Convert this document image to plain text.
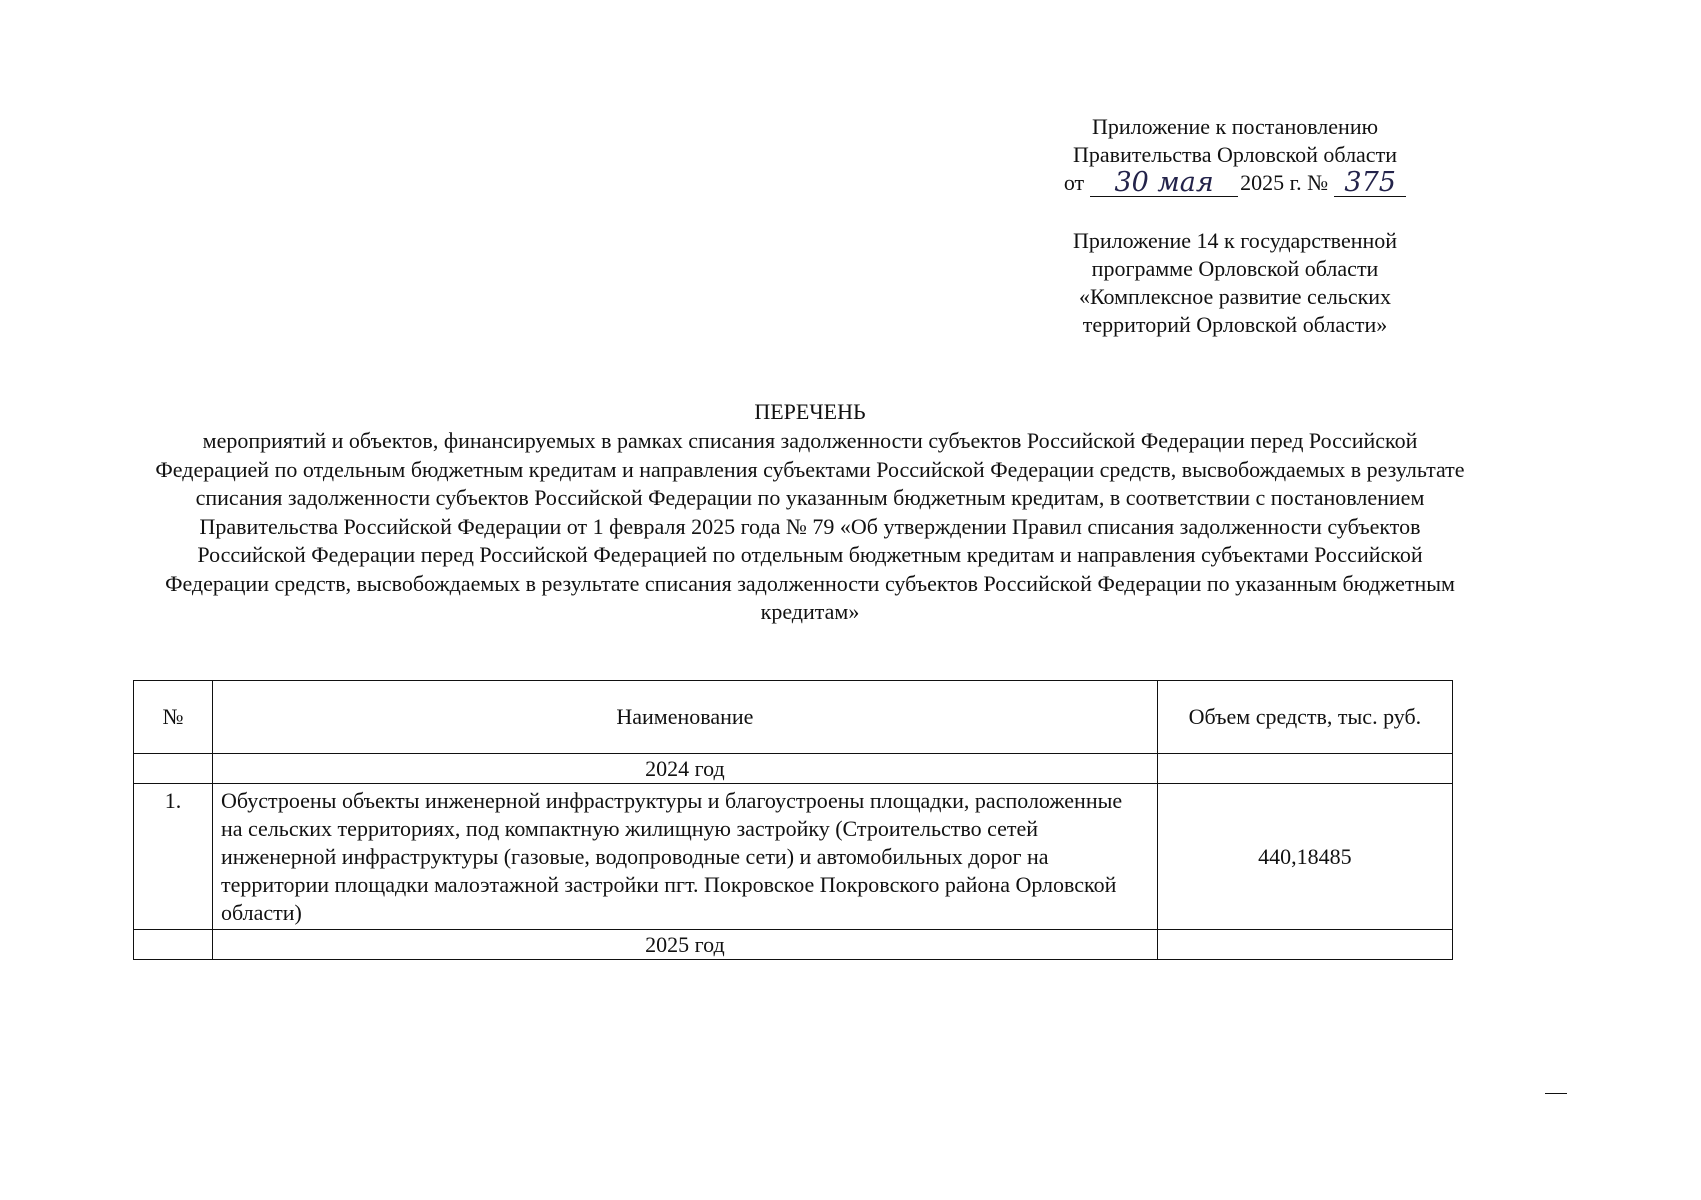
Приложение к постановлению
Правительства Орловской области
от	30 мая	2025 г. № 375
Приложение 14 к государственной
программе Орловской области
«Комплексное развитие сельских
территорий Орловской области»
ПЕРЕЧЕНЬ
мероприятий и объектов, финансируемых в рамках списания задолженности субъектов Российской Федерации перед Российской Федерацией по отдельным бюджетным кредитам и направления субъектами Российской Федерации средств, высвобождаемых в результате списания задолженности субъектов Российской Федерации по указанным бюджетным кредитам, в соответствии с постановлением Правительства Российской Федерации от 1 февраля 2025 года № 79 «Об утверждении Правил списания задолженности субъектов Российской Федерации перед Российской Федерацией по отдельным бюджетным кредитам и направления субъектами Российской Федерации средств, высвобождаемых в результате списания задолженности субъектов Российской Федерации по указанным бюджетным кредитам»
№	Наименование	Объем средств, тыс. руб.
	2024 год	
1.	Обустроены объекты инженерной инфраструктуры и благоустроены площадки, расположенные на сельских территориях, под компактную жилищную застройку (Строительство сетей инженерной инфраструктуры (газовые, водопроводные сети) и автомобильных дорог на территории площадки малоэтажной застройки пгт. Покровское Покровского района Орловской области)	440,18485
	2025 год	
